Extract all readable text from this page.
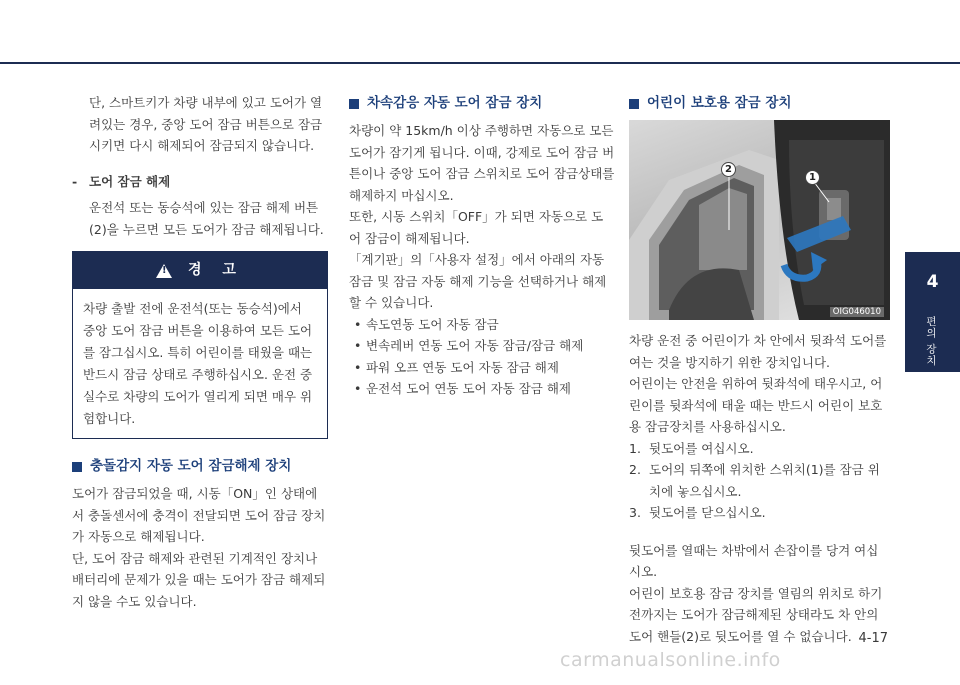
단, 스마트키가 차량 내부에 있고 도어가 열려있는 경우, 중앙 도어 잠금 버튼으로 잠금시키면 다시 해제되어 잠금되지 않습니다.

- 도어 잠금 해제

운전석 또는 동승석에 있는 잠금 해제 버튼(2)을 누르면 모든 도어가 잠금 해제됩니다.

!
경 고

차량 출발 전에 운전석(또는 동승석)에서 중앙 도어 잠금 버튼을 이용하여 모든 도어를 잠그십시오. 특히 어린이를 태웠을 때는 반드시 잠금 상태로 주행하십시오. 운전 중 실수로 차량의 도어가 열리게 되면 매우 위험합니다.

충돌감지 자동 도어 잠금해제 장치

도어가 잠금되었을 때, 시동「ON」인 상태에서 충돌센서에 충격이 전달되면 도어 잠금 장치가 자동으로 해제됩니다.

단, 도어 잠금 해제와 관련된 기계적인 장치나 배터리에 문제가 있을 때는 도어가 잠금 해제되지 않을 수도 있습니다.

차속감응 자동 도어 잠금 장치

차량이 약 15km/h 이상 주행하면 자동으로 모든 도어가 잠기게 됩니다. 이때, 강제로 도어 잠금 버튼이나 중앙 도어 잠금 스위치로 도어 잠금상태를 해제하지 마십시오.

또한, 시동 스위치「OFF」가 되면 자동으로 도어 잠금이 해제됩니다.

「계기판」의「사용자 설정」에서 아래의 자동 잠금 및 잠금 자동 해제 기능을 선택하거나 해제할 수 있습니다.

• 속도연동 도어 자동 잠금
• 변속레버 연동 도어 자동 잠금/잠금 해제
• 파워 오프 연동 도어 자동 잠금 해제
• 운전석 도어 연동 도어 자동 잠금 해제
어린이 보호용 잠금 장치
2
1
OIG046010

차량 운전 중 어린이가 차 안에서 뒷좌석 도어를 여는 것을 방지하기 위한 장치입니다.

어린이는 안전을 위하여 뒷좌석에 태우시고, 어린이를 뒷좌석에 태울 때는 반드시 어린이 보호용 잠금장치를 사용하십시오.

1. 뒷도어를 여십시오.
2. 도어의 뒤쪽에 위치한 스위치(1)를 잠금 위치에 놓으십시오.
3. 뒷도어를 닫으십시오.

뒷도어를 열때는 차밖에서 손잡이를 당겨 여십시오.

어린이 보호용 잠금 장치를 열림의 위치로 하기 전까지는 도어가 잠금해제된 상태라도 차 안의 도어 핸들(2)로 뒷도어를 열 수 없습니다.

4
편의 장치
4-17
carmanualsonline.info
